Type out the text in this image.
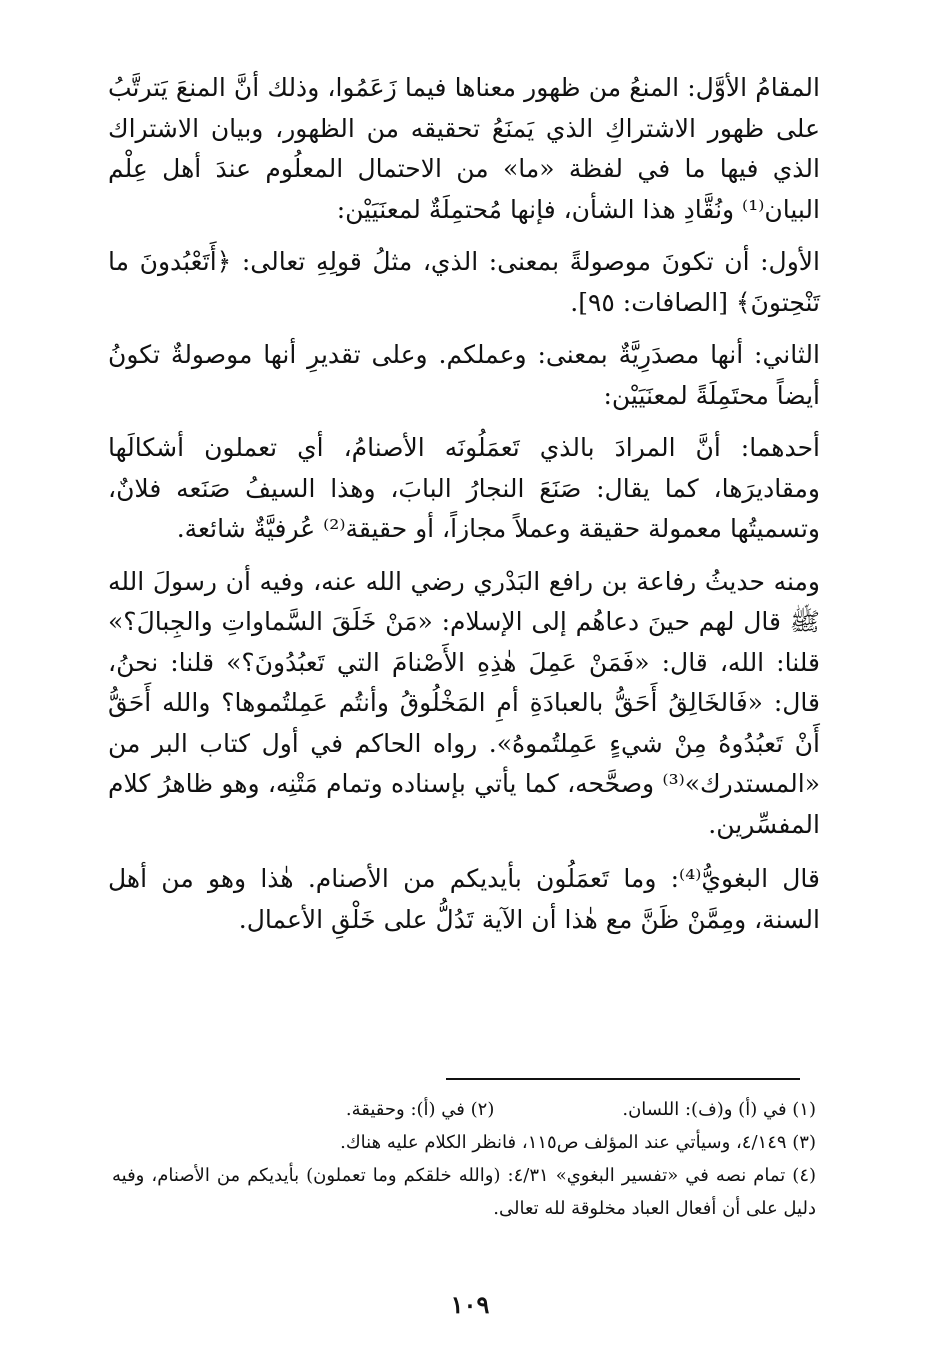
المقامُ الأوَّل: المنعُ من ظهور معناها فيما زَعَمُوا، وذلك أنَّ المنعَ يَترتَّبُ على ظهور الاشتراكِ الذي يَمنَعُ تحقيقه من الظهور، وبيان الاشتراك الذي فيها ما في لفظة «ما» من الاحتمال المعلُوم عندَ أهل عِلْم البيان⁽¹⁾ ونُقَّادِ هذا الشأن، فإنها مُحتمِلَةٌ لمعنَيَيْن:

الأول: أن تكونَ موصولةً بمعنى: الذي، مثلُ قولِهِ تعالى: ﴿أَتَعْبُدونَ ما تَنْحِتونَ﴾ [الصافات: ٩٥].

الثاني: أنها مصدَرِيَّةٌ بمعنى: وعملكم. وعلى تقديرِ أنها موصولةٌ تكونُ أيضاً محتَمِلَةً لمعنَيَيْن:

أحدهما: أنَّ المرادَ بالذي تَعمَلُونَه الأصنامُ، أي تعملون أشكالَها ومقاديرَها، كما يقال: صَنَعَ النجارُ البابَ، وهذا السيفُ صَنَعه فلانٌ، وتسميتُها معمولة حقيقة وعملاً مجازاً، أو حقيقة⁽²⁾ عُرفيَّةٌ شائعة.

ومنه حديثُ رفاعة بن رافع البَدْري رضي الله عنه، وفيه أن رسولَ الله ﷺ قال لهم حينَ دعاهُم إلى الإسلام: «مَنْ خَلَقَ السَّماواتِ والجِبالَ؟» قلنا: الله، قال: «فَمَنْ عَمِلَ هٰذِهِ الأَصْنامَ التي تَعبُدُونَ؟» قلنا: نحنُ، قال: «فَالخَالِقُ أَحَقُّ بالعبادَةِ أمِ المَخْلُوقُ وأنتُم عَمِلتُموها؟ والله أَحَقُّ أَنْ تَعبُدُوهُ مِنْ شيءٍ عَمِلتُموهُ». رواه الحاكم في أول كتاب البر من «المستدرك»⁽³⁾ وصحَّحه، كما يأتي بإسناده وتمام مَتْنِه، وهو ظاهرُ كلام المفسِّرين.

قال البغويُّ⁽⁴⁾: وما تَعمَلُون بأيديكم من الأصنام. هٰذا وهو من أهل السنة، ومِمَّنْ ظَنَّ مع هٰذا أن الآية تَدُلُّ على خَلْقِ الأعمال.

(١) في (أ) و(ف): اللسان.
(٢) في (أ): وحقيقة.
(٣) ٤/١٤٩، وسيأتي عند المؤلف ص١١٥، فانظر الكلام عليه هناك.
(٤) تمام نصه في «تفسير البغوي» ٤/٣١: (والله خلقكم وما تعملون) بأيديكم من الأصنام، وفيه دليل على أن أفعال العباد مخلوقة لله تعالى.
١٠٩
